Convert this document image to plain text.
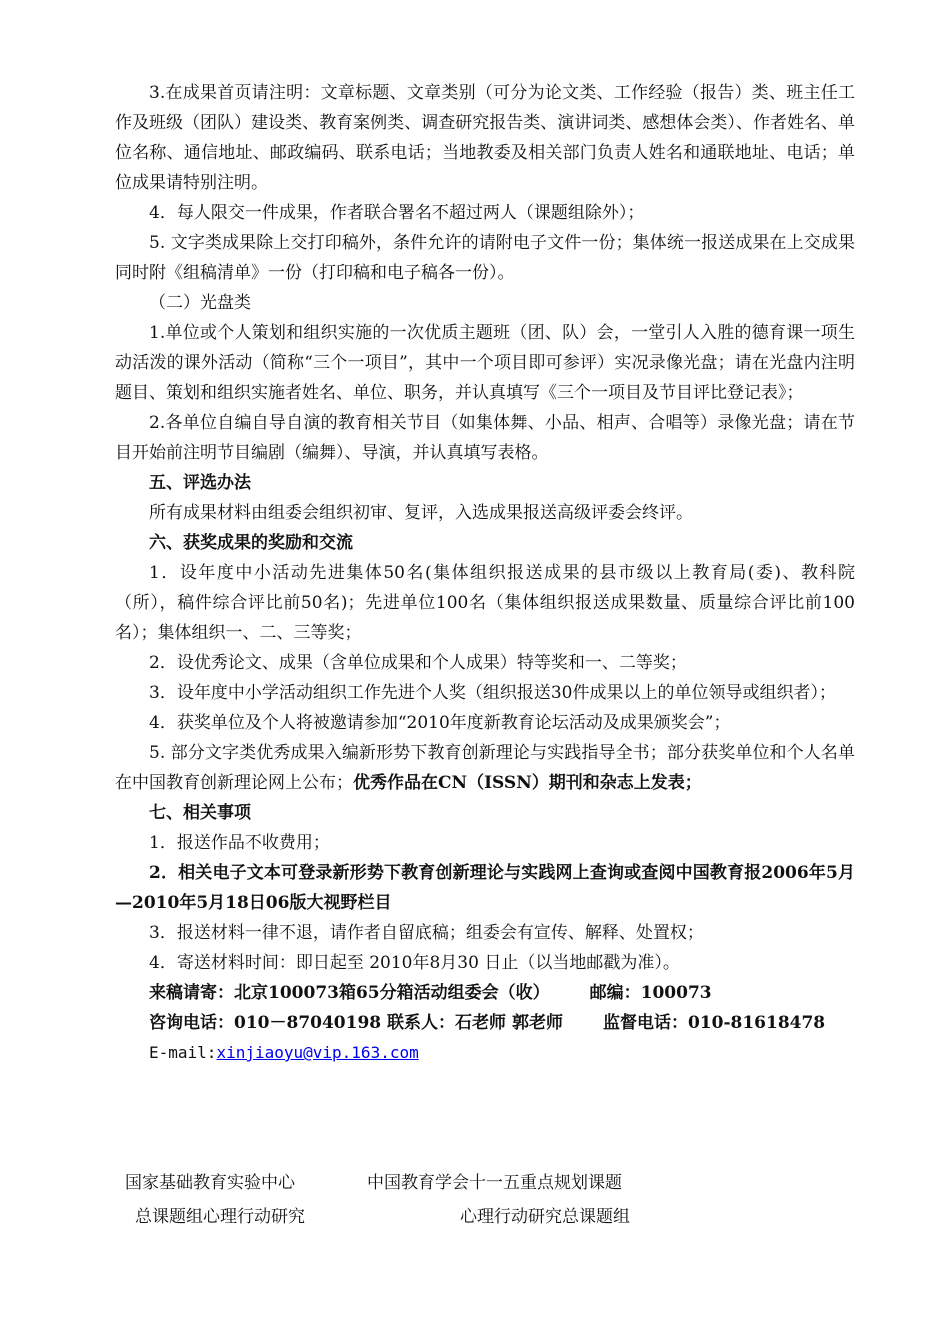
3.在成果首页请注明：文章标题、文章类别（可分为论文类、工作经验（报告）类、班主任工作及班级（团队）建设类、教育案例类、调查研究报告类、演讲词类、感想体会类）、作者姓名、单位名称、通信地址、邮政编码、联系电话；当地教委及相关部门负责人姓名和通联地址、电话；单位成果请特别注明。

4．每人限交一件成果，作者联合署名不超过两人（课题组除外）；

5. 文字类成果除上交打印稿外，条件允许的请附电子文件一份；集体统一报送成果在上交成果同时附《组稿清单》一份（打印稿和电子稿各一份）。

（二）光盘类

1.单位或个人策划和组织实施的一次优质主题班（团、队）会，一堂引人入胜的德育课一项生动活泼的课外活动（简称“三个一项目”，其中一个项目即可参评）实况录像光盘；请在光盘内注明题目、策划和组织实施者姓名、单位、职务，并认真填写《三个一项目及节目评比登记表》；

2.各单位自编自导自演的教育相关节目（如集体舞、小品、相声、合唱等）录像光盘；请在节目开始前注明节目编剧（编舞）、导演，并认真填写表格。

五、评选办法

所有成果材料由组委会组织初审、复评，入选成果报送高级评委会终评。

六、获奖成果的奖励和交流

1．设年度中小活动先进集体50名(集体组织报送成果的县市级以上教育局(委)、教科院（所），稿件综合评比前50名)；先进单位100名（集体组织报送成果数量、质量综合评比前100名）；集体组织一、二、三等奖；

2．设优秀论文、成果（含单位成果和个人成果）特等奖和一、二等奖；

3．设年度中小学活动组织工作先进个人奖（组织报送30件成果以上的单位领导或组织者）；

4．获奖单位及个人将被邀请参加“2010年度新教育论坛活动及成果颁奖会”；

5. 部分文字类优秀成果入编新形势下教育创新理论与实践指导全书；部分获奖单位和个人名单在中国教育创新理论网上公布；优秀作品在CN（ISSN）期刊和杂志上发表；

七、相关事项

1．报送作品不收费用；

2．相关电子文本可登录新形势下教育创新理论与实践网上查询或查阅中国教育报2006年5月—2010年5月18日06版大视野栏目

3．报送材料一律不退，请作者自留底稿；组委会有宣传、解释、处置权；

4．寄送材料时间：即日起至 2010年8月30 日止（以当地邮戳为准）。

来稿请寄：北京100073箱65分箱活动组委会（收） 邮编：100073

咨询电话：010－87040198 联系人：石老师 郭老师 监督电话：010-81618478

E-mail:xinjiaoyu@vip.163.com

国家基础教育实验中心
总课题组心理行动研究
中国教育学会十一五重点规划课题
心理行动研究总课题组
